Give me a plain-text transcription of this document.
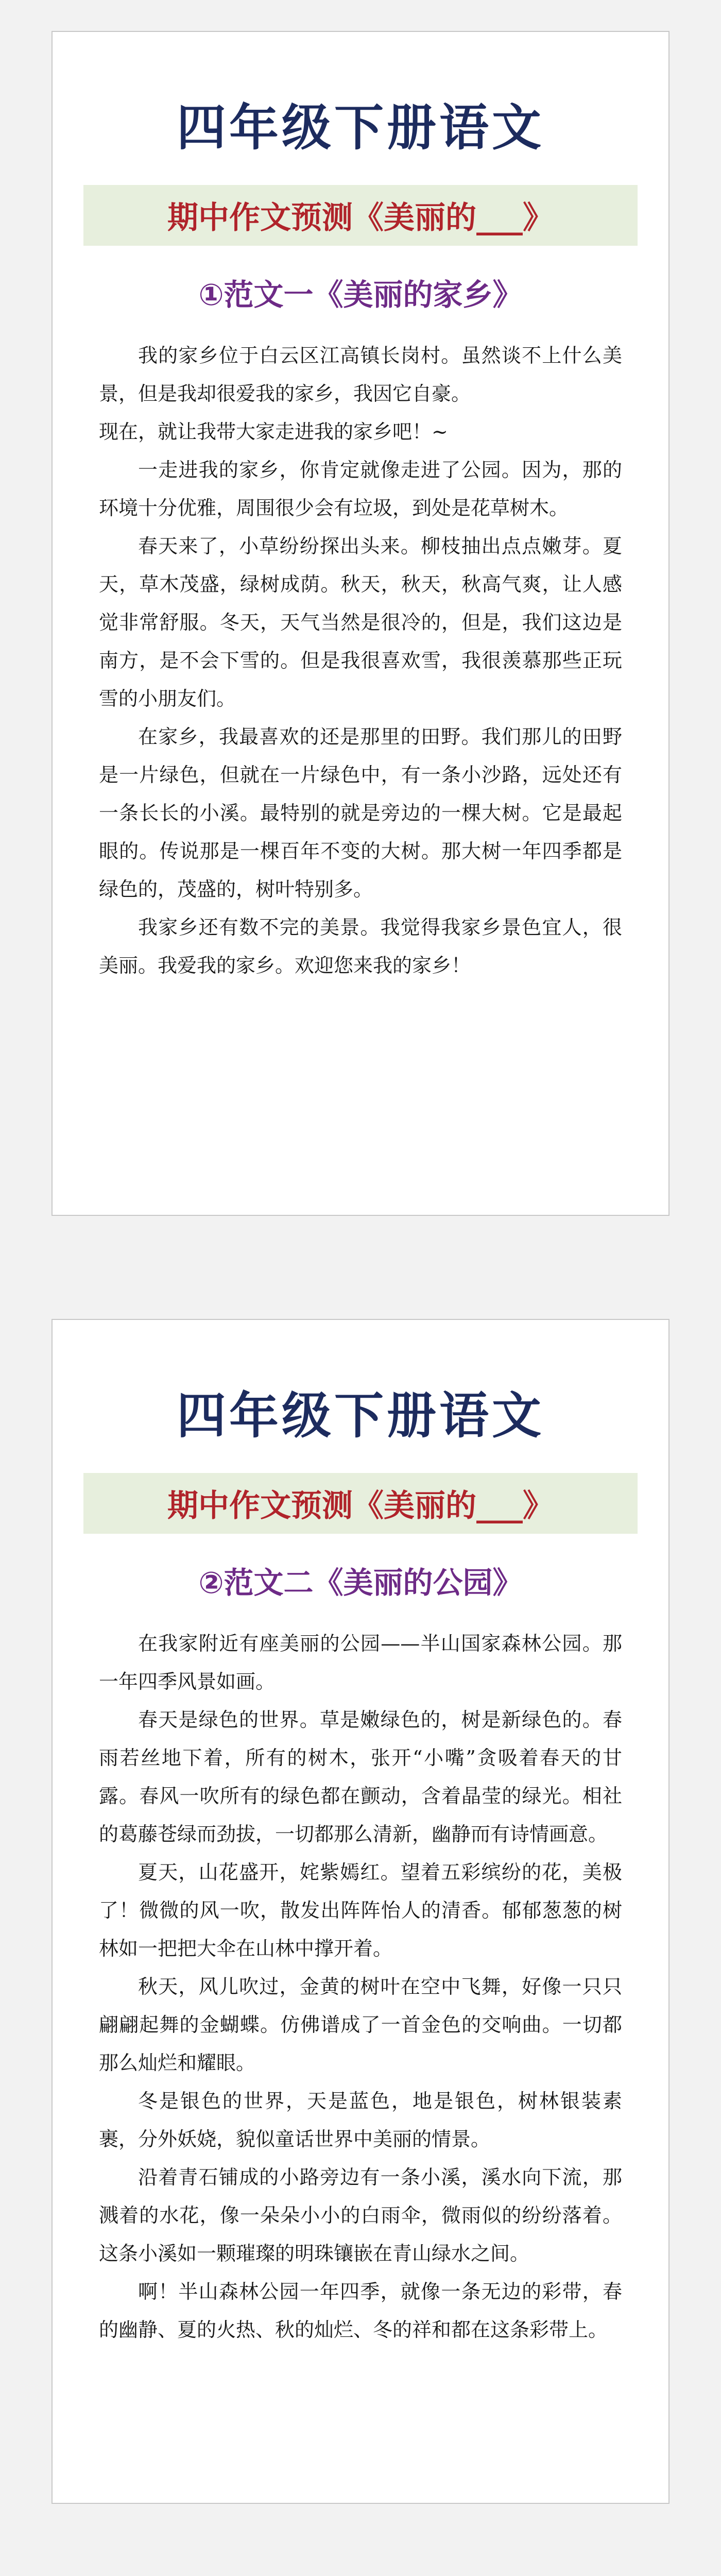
四年级下册语文
期中作文预测《美丽的___》
①范文一《美丽的家乡》

我的家乡位于白云区江高镇长岗村。虽然谈不上什么美景，但是我却很爱我的家乡，我因它自豪。

现在，就让我带大家走进我的家乡吧！~

一走进我的家乡，你肯定就像走进了公园。因为，那的环境十分优雅，周围很少会有垃圾，到处是花草树木。

春天来了，小草纷纷探出头来。柳枝抽出点点嫩芽。夏天，草木茂盛，绿树成荫。秋天，秋天，秋高气爽，让人感觉非常舒服。冬天，天气当然是很冷的，但是，我们这边是南方，是不会下雪的。但是我很喜欢雪，我很羡慕那些正玩雪的小朋友们。

在家乡，我最喜欢的还是那里的田野。我们那儿的田野是一片绿色，但就在一片绿色中，有一条小沙路，远处还有一条长长的小溪。最特别的就是旁边的一棵大树。它是最起眼的。传说那是一棵百年不变的大树。那大树一年四季都是绿色的，茂盛的，树叶特别多。

我家乡还有数不完的美景。我觉得我家乡景色宜人，很美丽。我爱我的家乡。欢迎您来我的家乡！

四年级下册语文
期中作文预测《美丽的___》
②范文二《美丽的公园》

在我家附近有座美丽的公园——半山国家森林公园。那一年四季风景如画。

春天是绿色的世界。草是嫩绿色的，树是新绿色的。春雨若丝地下着，所有的树木，张开“小嘴”贪吸着春天的甘露。春风一吹所有的绿色都在颤动，含着晶莹的绿光。相社的葛藤苍绿而劲拔，一切都那么清新，幽静而有诗情画意。

夏天，山花盛开，姹紫嫣红。望着五彩缤纷的花，美极了！微微的风一吹，散发出阵阵怡人的清香。郁郁葱葱的树林如一把把大伞在山林中撑开着。

秋天，风儿吹过，金黄的树叶在空中飞舞，好像一只只翩翩起舞的金蝴蝶。仿佛谱成了一首金色的交响曲。一切都那么灿烂和耀眼。

冬是银色的世界，天是蓝色，地是银色，树林银装素裹，分外妖娆，貌似童话世界中美丽的情景。

沿着青石铺成的小路旁边有一条小溪，溪水向下流，那溅着的水花，像一朵朵小小的白雨伞，微雨似的纷纷落着。这条小溪如一颗璀璨的明珠镶嵌在青山绿水之间。

啊！半山森林公园一年四季，就像一条无边的彩带，春的幽静、夏的火热、秋的灿烂、冬的祥和都在这条彩带上。
